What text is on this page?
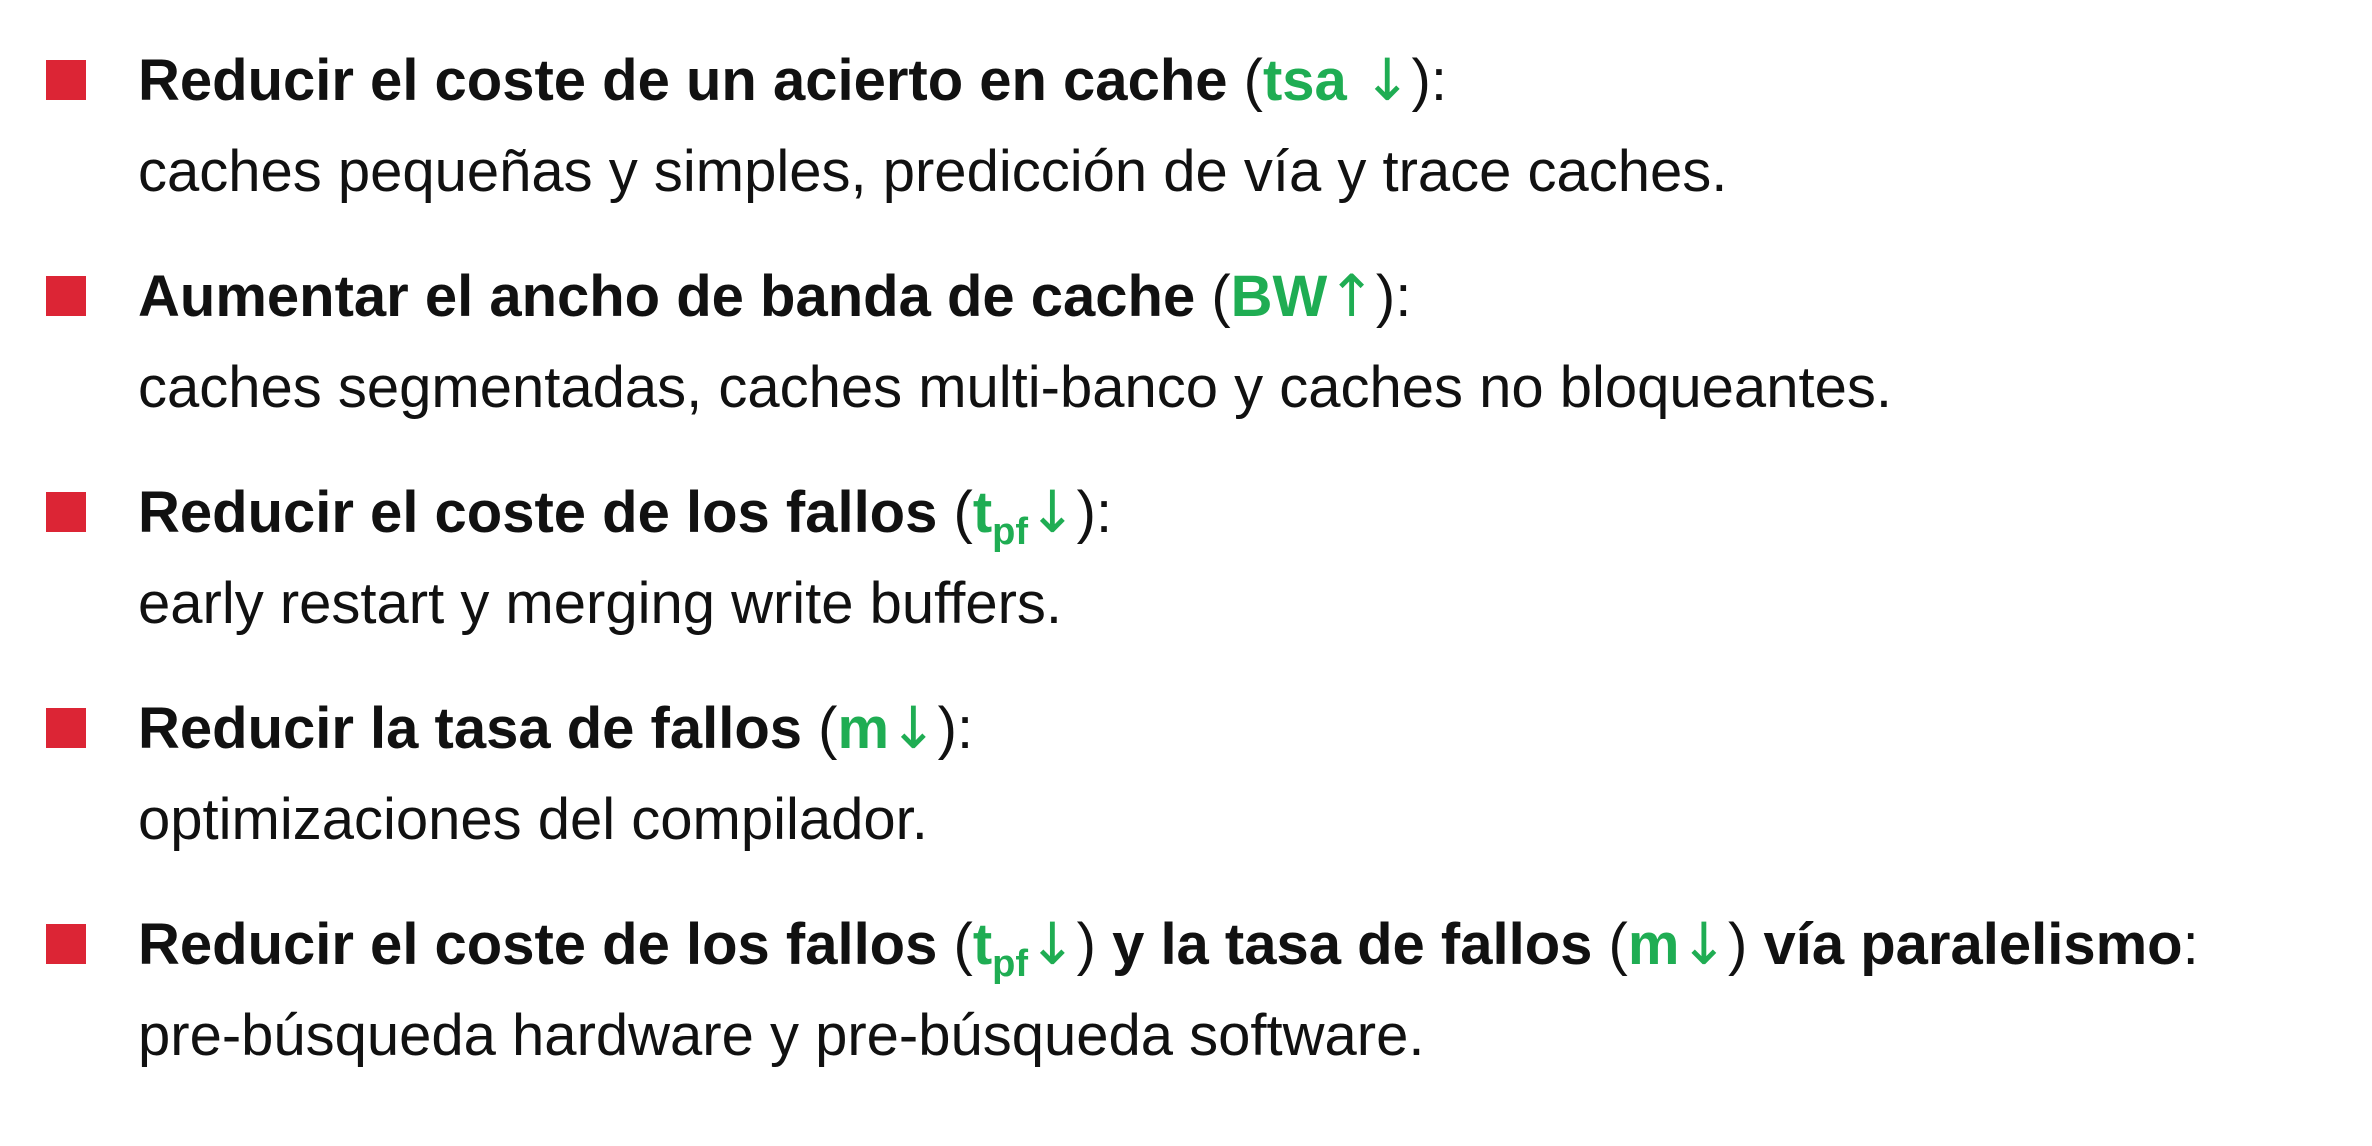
Reducir el coste de un acierto en cache (tsa ↓):
caches pequeñas y simples, predicción de vía y trace caches.
Aumentar el ancho de banda de cache (BW↑):
caches segmentadas, caches multi-banco y caches no bloqueantes.
Reducir el coste de los fallos $(t_{pf}↓)$:
early restart y merging write buffers.
Reducir la tasa de fallos (m↓):
optimizaciones del compilador.
Reducir el coste de los fallos $(t_{pf}↓)$ y la tasa de fallos (m↓) vía paralelismo:
pre-búsqueda hardware y pre-búsqueda software.
